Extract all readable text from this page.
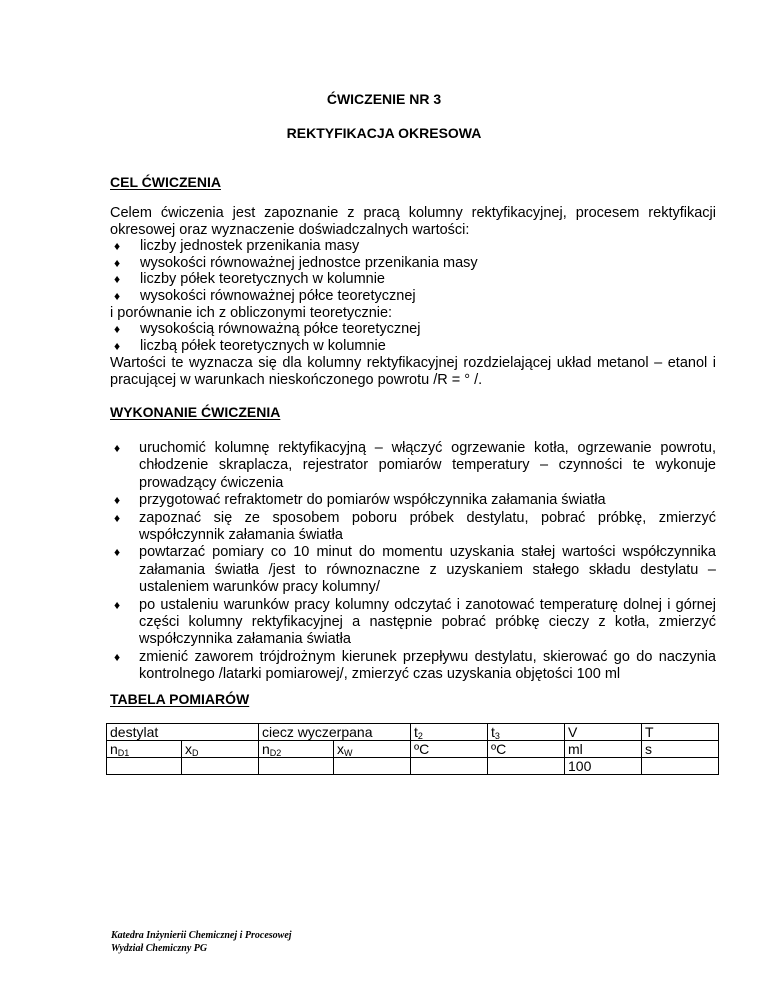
ĆWICZENIE NR 3
REKTYFIKACJA OKRESOWA
CEL ĆWICZENIA
Celem ćwiczenia jest zapoznanie z pracą kolumny rektyfikacyjnej, procesem rektyfikacji okresowej oraz wyznaczenie doświadczalnych wartości:
♦ liczby jednostek przenikania masy
♦ wysokości równoważnej jednostce przenikania masy
♦ liczby półek teoretycznych w kolumnie
♦ wysokości równoważnej półce teoretycznej
i porównanie ich z obliczonymi teoretycznie:
♦ wysokością równoważną półce teoretycznej
♦ liczbą półek teoretycznych w kolumnie
Wartości te wyznacza się dla kolumny rektyfikacyjnej rozdzielającej układ metanol – etanol i pracującej w warunkach nieskończonego powrotu /R = ° /.
WYKONANIE ĆWICZENIA

♦ uruchomić kolumnę rektyfikacyjną – włączyć ogrzewanie kotła, ogrzewanie powrotu, chłodzenie skraplacza, rejestrator pomiarów temperatury – czynności te wykonuje prowadzący ćwiczenia

♦ przygotować refraktometr do pomiarów współczynnika załamania światła

♦ zapoznać się ze sposobem poboru próbek destylatu, pobrać próbkę, zmierzyć współczynnik załamania światła

♦ powtarzać pomiary co 10 minut do momentu uzyskania stałej wartości współczynnika załamania światła /jest to równoznaczne z uzyskaniem stałego składu destylatu – ustaleniem warunków pracy kolumny/

♦ po ustaleniu warunków pracy kolumny odczytać i zanotować temperaturę dolnej i górnej części kolumny rektyfikacyjnej a następnie pobrać próbkę cieczy z kotła, zmierzyć współczynnika załamania światła

♦ zmienić zaworem trójdrożnym kierunek przepływu destylatu, skierować go do naczynia kontrolnego /latarki pomiarowej/, zmierzyć czas uzyskania objętości 100 ml

TABELA POMIARÓW
destylat		ciecz wyczerpana		$t_2$	$t_3$	V	T
$n_{D1}$	$x_D$	$n_{D2}$	$x_W$	ºC	ºC	ml	s
						100	
Katedra Inżynierii Chemicznej i Procesowej
Wydział Chemiczny PG
